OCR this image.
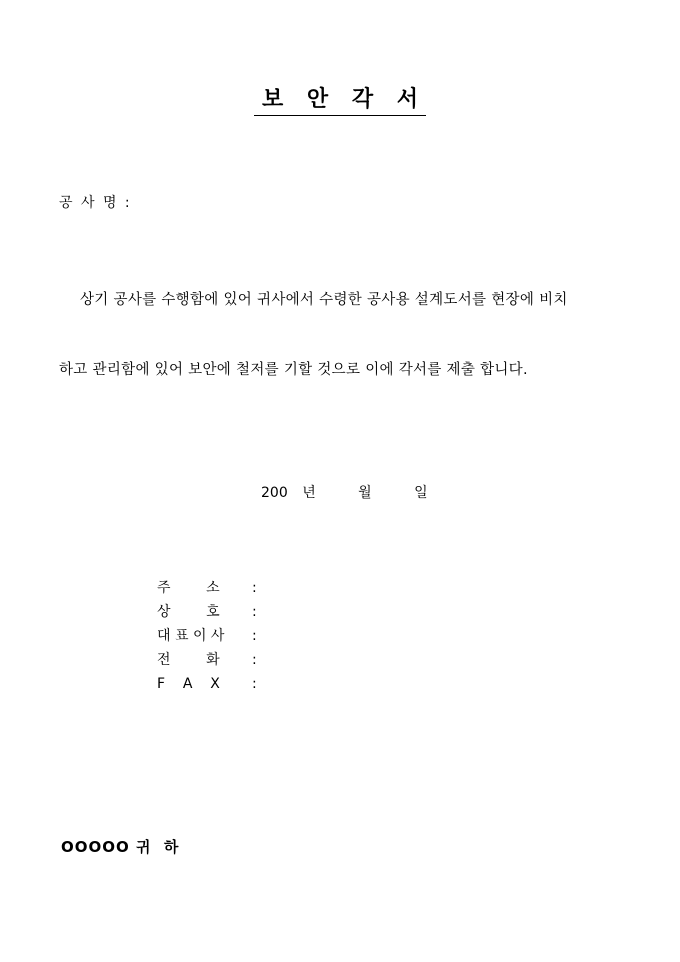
보 안 각 서
공 사 명 :
상기 공사를 수행함에 있어 귀사에서 수령한 공사용 설계도서를 현장에 비치
하고 관리함에 있어 보안에 철저를 기할 것으로 이에 각서를 제출 합니다.
200 년	월	일
주        소 :
상        호 :
대 표 이 사 :
전        화 :
F    A    X :
OOOOO 귀  하
